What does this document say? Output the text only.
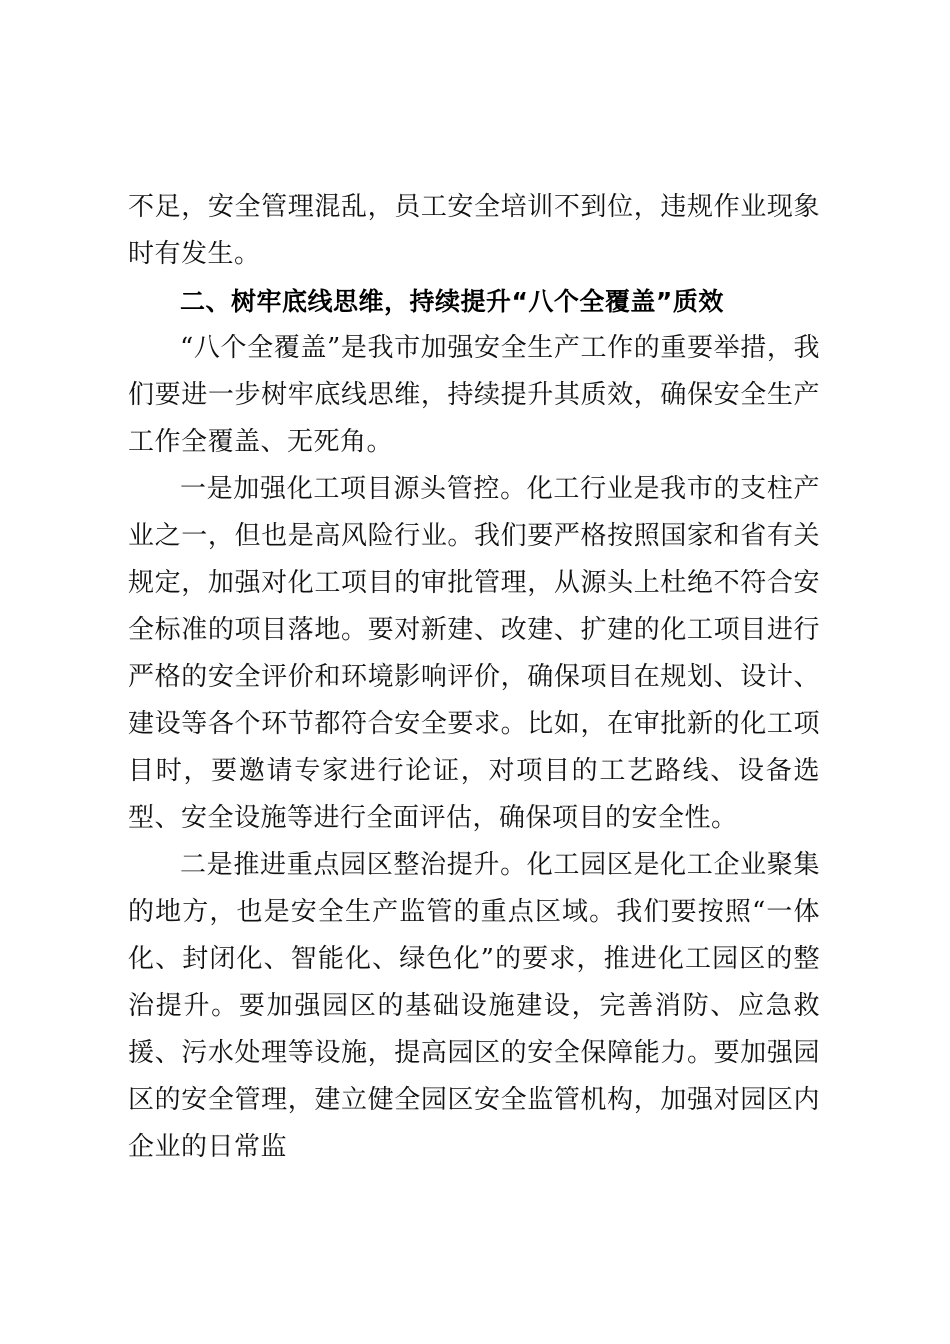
不足，安全管理混乱，员工安全培训不到位，违规作业现象时有发生。

二、树牢底线思维，持续提升“八个全覆盖”质效

“八个全覆盖”是我市加强安全生产工作的重要举措，我们要进一步树牢底线思维，持续提升其质效，确保安全生产工作全覆盖、无死角。

一是加强化工项目源头管控。化工行业是我市的支柱产业之一，但也是高风险行业。我们要严格按照国家和省有关规定，加强对化工项目的审批管理，从源头上杜绝不符合安全标准的项目落地。要对新建、改建、扩建的化工项目进行严格的安全评价和环境影响评价，确保项目在规划、设计、建设等各个环节都符合安全要求。比如，在审批新的化工项目时，要邀请专家进行论证，对项目的工艺路线、设备选型、安全设施等进行全面评估，确保项目的安全性。

二是推进重点园区整治提升。化工园区是化工企业聚集的地方，也是安全生产监管的重点区域。我们要按照“一体化、封闭化、智能化、绿色化”的要求，推进化工园区的整治提升。要加强园区的基础设施建设，完善消防、应急救援、污水处理等设施，提高园区的安全保障能力。要加强园区的安全管理，建立健全园区安全监管机构，加强对园区内企业的日常监
